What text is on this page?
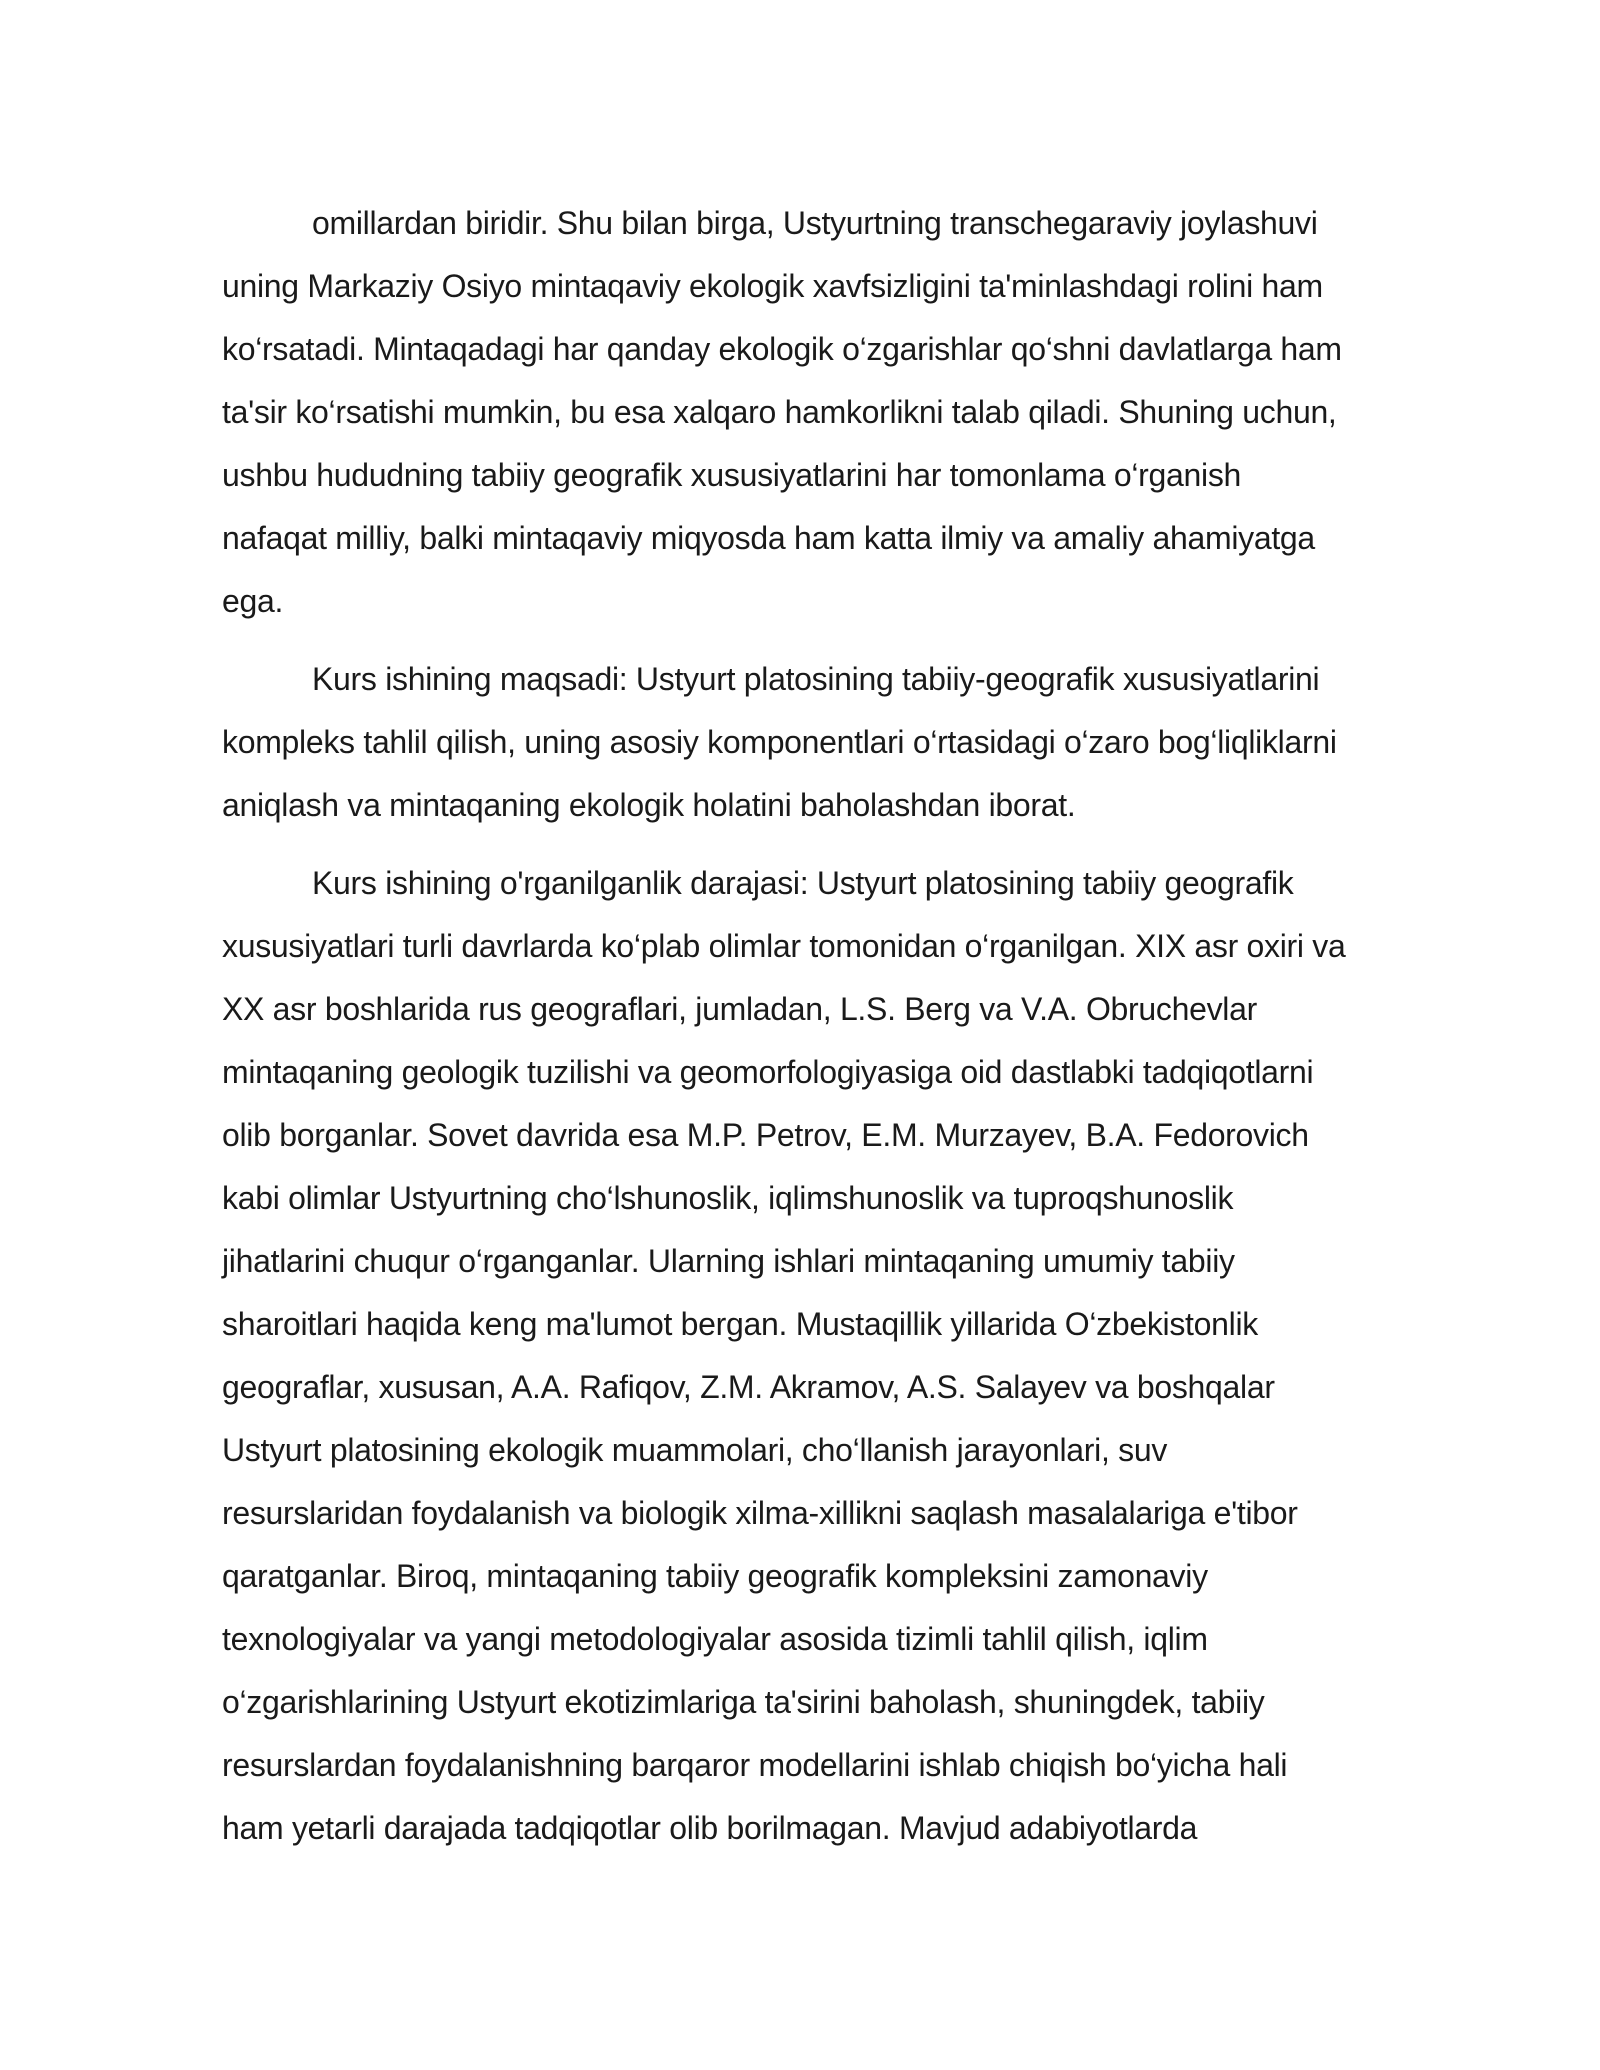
omillardan biridir. Shu bilan birga, Ustyurtning transchegaraviy joylashuvi
uning Markaziy Osiyo mintaqaviy ekologik xavfsizligini ta'minlashdagi rolini ham
ko‘rsatadi. Mintaqadagi har qanday ekologik o‘zgarishlar qo‘shni davlatlarga ham
ta'sir ko‘rsatishi mumkin, bu esa xalqaro hamkorlikni talab qiladi. Shuning uchun,
ushbu hududning tabiiy geografik xususiyatlarini har tomonlama o‘rganish
nafaqat milliy, balki mintaqaviy miqyosda ham katta ilmiy va amaliy ahamiyatga
ega.
Kurs ishining maqsadi: Ustyurt platosining tabiiy-geografik xususiyatlarini
kompleks tahlil qilish, uning asosiy komponentlari o‘rtasidagi o‘zaro bog‘liqliklarni
aniqlash va mintaqaning ekologik holatini baholashdan iborat.
Kurs ishining o'rganilganlik darajasi: Ustyurt platosining tabiiy geografik
xususiyatlari turli davrlarda ko‘plab olimlar tomonidan o‘rganilgan. XIX asr oxiri va
XX asr boshlarida rus geograflari, jumladan, L.S. Berg va V.A. Obruchevlar
mintaqaning geologik tuzilishi va geomorfologiyasiga oid dastlabki tadqiqotlarni
olib borganlar. Sovet davrida esa M.P. Petrov, E.M. Murzayev, B.A. Fedorovich
kabi olimlar Ustyurtning cho‘lshunoslik, iqlimshunoslik va tuproqshunoslik
jihatlarini chuqur o‘rganganlar. Ularning ishlari mintaqaning umumiy tabiiy
sharoitlari haqida keng ma'lumot bergan. Mustaqillik yillarida O‘zbekistonlik
geograflar, xususan, A.A. Rafiqov, Z.M. Akramov, A.S. Salayev va boshqalar
Ustyurt platosining ekologik muammolari, cho‘llanish jarayonlari, suv
resurslaridan foydalanish va biologik xilma-xillikni saqlash masalalariga e'tibor
qaratganlar. Biroq, mintaqaning tabiiy geografik kompleksini zamonaviy
texnologiyalar va yangi metodologiyalar asosida tizimli tahlil qilish, iqlim
o‘zgarishlarining Ustyurt ekotizimlariga ta'sirini baholash, shuningdek, tabiiy
resurslardan foydalanishning barqaror modellarini ishlab chiqish bo‘yicha hali
ham yetarli darajada tadqiqotlar olib borilmagan. Mavjud adabiyotlarda
